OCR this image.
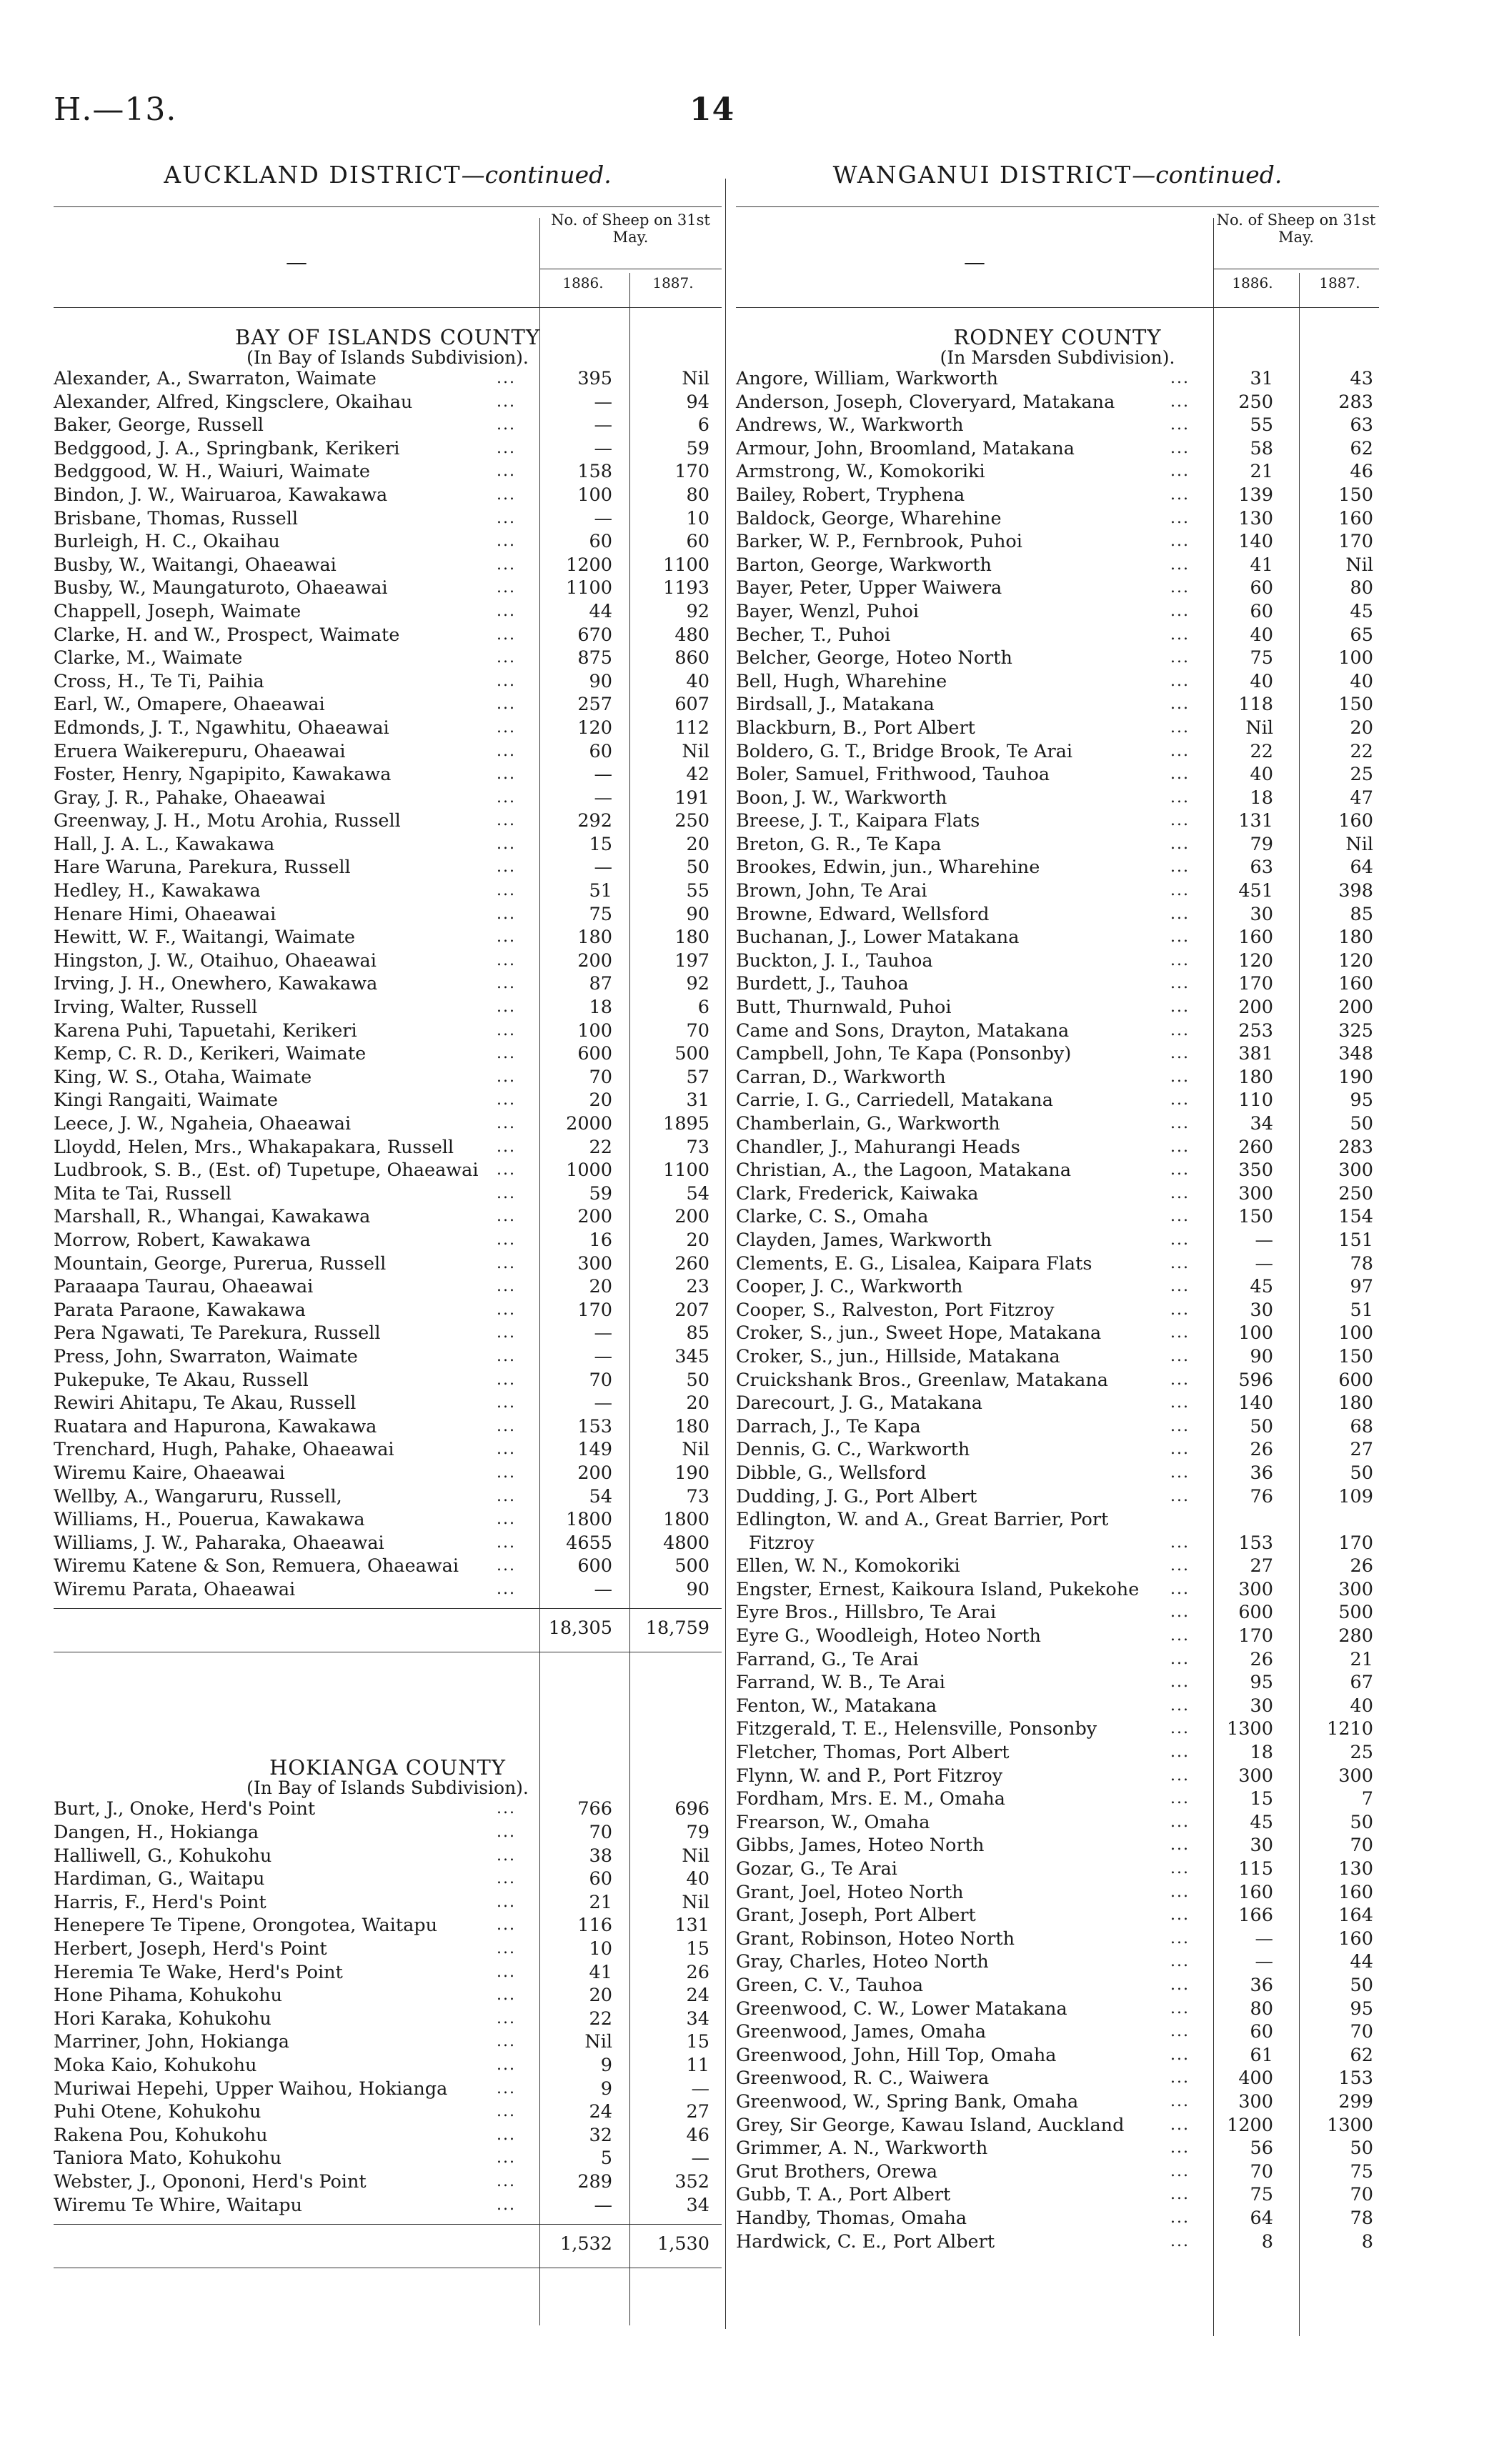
H.—13.	14
AUCKLAND DISTRICT—continued.
—
No. of Sheep on 31st May.
1886.	1887.
BAY OF ISLANDS COUNTY
(In Bay of Islands Subdivision).
Alexander, A., Swarraton, Waimate	...	395	Nil
Alexander, Alfred, Kingsclere, Okaihau	...	—	94
Baker, George, Russell	...	—	6
Bedggood, J. A., Springbank, Kerikeri	...	—	59
Bedggood, W. H., Waiuri, Waimate	...	158	170
Bindon, J. W., Wairuaroa, Kawakawa	...	100	80
Brisbane, Thomas, Russell	...	—	10
Burleigh, H. C., Okaihau	...	60	60
Busby, W., Waitangi, Ohaeawai	...	1200	1100
Busby, W., Maungaturoto, Ohaeawai	...	1100	1193
Chappell, Joseph, Waimate	...	44	92
Clarke, H. and W., Prospect, Waimate	...	670	480
Clarke, M., Waimate	...	875	860
Cross, H., Te Ti, Paihia	...	90	40
Earl, W., Omapere, Ohaeawai	...	257	607
Edmonds, J. T., Ngawhitu, Ohaeawai	...	120	112
Eruera Waikerepuru, Ohaeawai	...	60	Nil
Foster, Henry, Ngapipito, Kawakawa	...	—	42
Gray, J. R., Pahake, Ohaeawai	...	—	191
Greenway, J. H., Motu Arohia, Russell	...	292	250
Hall, J. A. L., Kawakawa	...	15	20
Hare Waruna, Parekura, Russell	...	—	50
Hedley, H., Kawakawa	...	51	55
Henare Himi, Ohaeawai	...	75	90
Hewitt, W. F., Waitangi, Waimate	...	180	180
Hingston, J. W., Otaihuo, Ohaeawai	...	200	197
Irving, J. H., Onewhero, Kawakawa	...	87	92
Irving, Walter, Russell	...	18	6
Karena Puhi, Tapuetahi, Kerikeri	...	100	70
Kemp, C. R. D., Kerikeri, Waimate	...	600	500
King, W. S., Otaha, Waimate	...	70	57
Kingi Rangaiti, Waimate	...	20	31
Leece, J. W., Ngaheia, Ohaeawai	...	2000	1895
Lloydd, Helen, Mrs., Whakapakara, Russell	...	22	73
Ludbrook, S. B., (Est. of) Tupetupe, Ohaeawai ...	1000	1100
Mita te Tai, Russell	...	59	54
Marshall, R., Whangai, Kawakawa	...	200	200
Morrow, Robert, Kawakawa	...	16	20
Mountain, George, Purerua, Russell	...	300	260
Paraaapa Taurau, Ohaeawai	...	20	23
Parata Paraone, Kawakawa	...	170	207
Pera Ngawati, Te Parekura, Russell	...	—	85
Press, John, Swarraton, Waimate	...	—	345
Pukepuke, Te Akau, Russell	...	70	50
Rewiri Ahitapu, Te Akau, Russell	...	—	20
Ruatara and Hapurona, Kawakawa	...	153	180
Trenchard, Hugh, Pahake, Ohaeawai	...	149	Nil
Wiremu Kaire, Ohaeawai	...	200	190
Wellby, A., Wangaruru, Russell,	...	54	73
Williams, H., Pouerua, Kawakawa	...	1800	1800
Williams, J. W., Paharaka, Ohaeawai	...	4655	4800
Wiremu Katene & Son, Remuera, Ohaeawai ...	600	500
Wiremu Parata, Ohaeawai	...	—	90
18,305	18,759
HOKIANGA COUNTY
(In Bay of Islands Subdivision).
Burt, J., Onoke, Herd's Point	...	766	696
Dangen, H., Hokianga	...	70	79
Halliwell, G., Kohukohu	...	38	Nil
Hardiman, G., Waitapu	...	60	40
Harris, F., Herd's Point	...	21	Nil
Henepere Te Tipene, Orongotea, Waitapu	...	116	131
Herbert, Joseph, Herd's Point	...	10	15
Heremia Te Wake, Herd's Point	...	41	26
Hone Pihama, Kohukohu	...	20	24
Hori Karaka, Kohukohu	...	22	34
Marriner, John, Hokianga	...	Nil	15
Moka Kaio, Kohukohu	...	9	11
Muriwai Hepehi, Upper Waihou, Hokianga	...	9	—
Puhi Otene, Kohukohu	...	24	27
Rakena Pou, Kohukohu	...	32	46
Taniora Mato, Kohukohu	...	5	—
Webster, J., Opononi, Herd's Point	...	289	352
Wiremu Te Whire, Waitapu	...	—	34
1,532	1,530
WANGANUI DISTRICT—continued.
—
No. of Sheep on 31st May.
1886.	1887.
RODNEY COUNTY
(In Marsden Subdivision).
Angore, William, Warkworth	...	31	43
Anderson, Joseph, Cloveryard, Matakana	...	250	283
Andrews, W., Warkworth	...	55	63
Armour, John, Broomland, Matakana	...	58	62
Armstrong, W., Komokoriki	...	21	46
Bailey, Robert, Tryphena	...	139	150
Baldock, George, Wharehine	...	130	160
Barker, W. P., Fernbrook, Puhoi	...	140	170
Barton, George, Warkworth	...	41	Nil
Bayer, Peter, Upper Waiwera	...	60	80
Bayer, Wenzl, Puhoi	...	60	45
Becher, T., Puhoi	...	40	65
Belcher, George, Hoteo North	...	75	100
Bell, Hugh, Wharehine	...	40	40
Birdsall, J., Matakana	...	118	150
Blackburn, B., Port Albert	...	Nil	20
Boldero, G. T., Bridge Brook, Te Arai	...	22	22
Boler, Samuel, Frithwood, Tauhoa	...	40	25
Boon, J. W., Warkworth	...	18	47
Breese, J. T., Kaipara Flats	...	131	160
Breton, G. R., Te Kapa	...	79	Nil
Brookes, Edwin, jun., Wharehine	...	63	64
Brown, John, Te Arai	...	451	398
Browne, Edward, Wellsford	...	30	85
Buchanan, J., Lower Matakana	...	160	180
Buckton, J. I., Tauhoa	...	120	120
Burdett, J., Tauhoa	...	170	160
Butt, Thurnwald, Puhoi	...	200	200
Came and Sons, Drayton, Matakana	...	253	325
Campbell, John, Te Kapa (Ponsonby)	...	381	348
Carran, D., Warkworth	...	180	190
Carrie, I. G., Carriedell, Matakana	...	110	95
Chamberlain, G., Warkworth	...	34	50
Chandler, J., Mahurangi Heads	...	260	283
Christian, A., the Lagoon, Matakana	...	350	300
Clark, Frederick, Kaiwaka	...	300	250
Clarke, C. S., Omaha	...	150	154
Clayden, James, Warkworth	...	—	151
Clements, E. G., Lisalea, Kaipara Flats	...	—	78
Cooper, J. C., Warkworth	...	45	97
Cooper, S., Ralveston, Port Fitzroy	...	30	51
Croker, S., jun., Sweet Hope, Matakana	...	100	100
Croker, S., jun., Hillside, Matakana	...	90	150
Cruickshank Bros., Greenlaw, Matakana	...	596	600
Darecourt, J. G., Matakana	...	140	180
Darrach, J., Te Kapa	...	50	68
Dennis, G. C., Warkworth	...	26	27
Dibble, G., Wellsford	...	36	50
Dudding, J. G., Port Albert	...	76	109
Edlington, W. and A., Great Barrier, Port
Fitzroy	...	153	170
Ellen, W. N., Komokoriki	...	27	26
Engster, Ernest, Kaikoura Island, Pukekohe ...	300	300
Eyre Bros., Hillsbro, Te Arai	...	600	500
Eyre G., Woodleigh, Hoteo North	...	170	280
Farrand, G., Te Arai	...	26	21
Farrand, W. B., Te Arai	...	95	67
Fenton, W., Matakana	...	30	40
Fitzgerald, T. E., Helensville, Ponsonby	...	1300	1210
Fletcher, Thomas, Port Albert	...	18	25
Flynn, W. and P., Port Fitzroy	...	300	300
Fordham, Mrs. E. M., Omaha	...	15	7
Frearson, W., Omaha	...	45	50
Gibbs, James, Hoteo North	...	30	70
Gozar, G., Te Arai	...	115	130
Grant, Joel, Hoteo North	...	160	160
Grant, Joseph, Port Albert	...	166	164
Grant, Robinson, Hoteo North	...	—	160
Gray, Charles, Hoteo North	...	—	44
Green, C. V., Tauhoa	...	36	50
Greenwood, C. W., Lower Matakana	...	80	95
Greenwood, James, Omaha	...	60	70
Greenwood, John, Hill Top, Omaha	...	61	62
Greenwood, R. C., Waiwera	...	400	153
Greenwood, W., Spring Bank, Omaha	...	300	299
Grey, Sir George, Kawau Island, Auckland	...	1200	1300
Grimmer, A. N., Warkworth	...	56	50
Grut Brothers, Orewa	...	70	75
Gubb, T. A., Port Albert	...	75	70
Handby, Thomas, Omaha	...	64	78
Hardwick, C. E., Port Albert	...	8	8
